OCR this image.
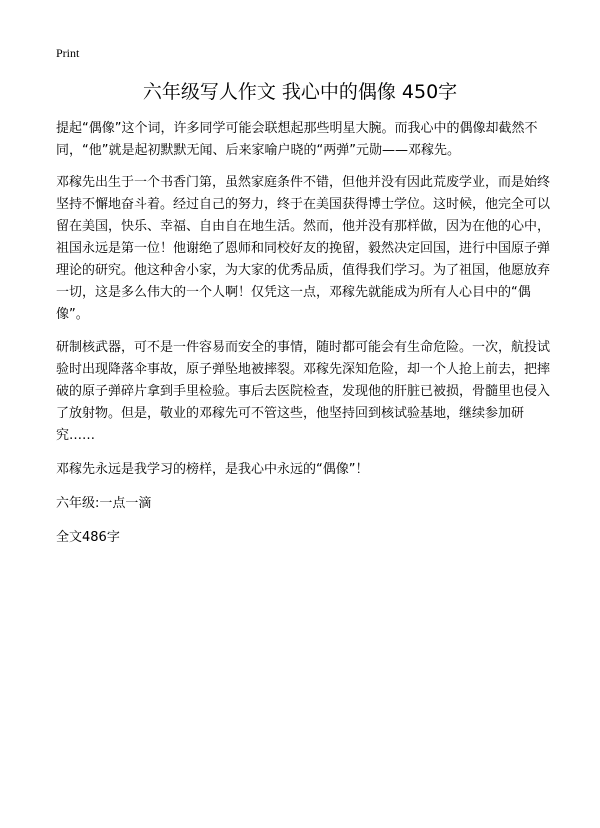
Print
六年级写人作文 我心中的偶像 450字

提起“偶像”这个词，许多同学可能会联想起那些明星大腕。而我心中的偶像却截然不同，“他”就是起初默默无闻、后来家喻户晓的“两弹”元勋——邓稼先。

邓稼先出生于一个书香门第，虽然家庭条件不错，但他并没有因此荒废学业，而是始终坚持不懈地奋斗着。经过自己的努力，终于在美国获得博士学位。这时候，他完全可以留在美国，快乐、幸福、自由自在地生活。然而，他并没有那样做，因为在他的心中，祖国永远是第一位！他谢绝了恩师和同校好友的挽留，毅然决定回国，进行中国原子弹理论的研究。他这种舍小家，为大家的优秀品质，值得我们学习。为了祖国，他愿放弃一切，这是多么伟大的一个人啊！仅凭这一点，邓稼先就能成为所有人心目中的“偶像”。

研制核武器，可不是一件容易而安全的事情，随时都可能会有生命危险。一次，航投试验时出现降落伞事故，原子弹坠地被摔裂。邓稼先深知危险，却一个人抢上前去，把摔破的原子弹碎片拿到手里检验。事后去医院检查，发现他的肝脏已被损，骨髓里也侵入了放射物。但是，敬业的邓稼先可不管这些，他坚持回到核试验基地，继续参加研究……

邓稼先永远是我学习的榜样，是我心中永远的“偶像”！

六年级:一点一滴

全文486字
